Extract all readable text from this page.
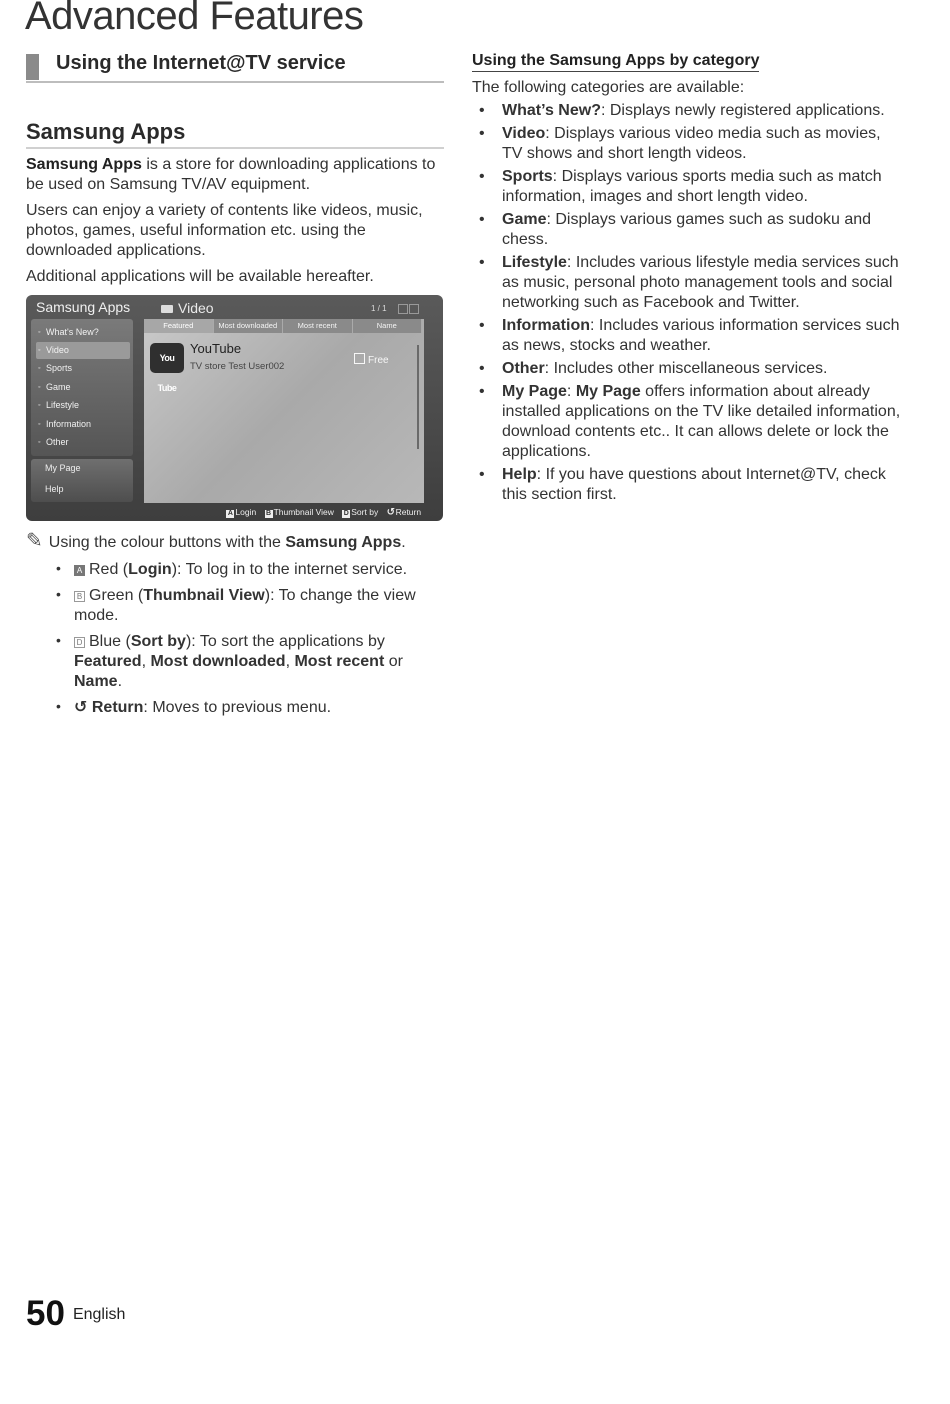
Advanced Features
Using the Internet@TV service
Samsung Apps

Samsung Apps is a store for downloading applications to be used on Samsung TV/AV equipment.

Users can enjoy a variety of contents like videos, music, photos, games, useful information etc. using the downloaded applications.

Additional applications will be available hereafter.

Samsung Apps	Video	1 / 1
◦ What's New?
◦ Video
◦ Sports
◦ Game
◦ Lifestyle
◦ Information
◦ Other
My Page
Help
Featured	Most downloaded	Most recent	Name
You Tube
YouTube
TV store Test User002
Free
A Login B Thumbnail View D Sort by ↺Return
✎ Using the colour buttons with the Samsung Apps.
• A Red (Login): To log in to the internet service.
• B Green (Thumbnail View): To change the view mode.
• D Blue (Sort by): To sort the applications by Featured, Most downloaded, Most recent or Name.
• ↺ Return: Moves to previous menu.
Using the Samsung Apps by category
The following categories are available:
• What’s New?: Displays newly registered applications.
• Video: Displays various video media such as movies, TV shows and short length videos.
• Sports: Displays various sports media such as match information, images and short length video.
• Game: Displays various games such as sudoku and chess.
• Lifestyle: Includes various lifestyle media services such as music, personal photo management tools and social networking such as Facebook and Twitter.
• Information: Includes various information services such as news, stocks and weather.
• Other: Includes other miscellaneous services.
• My Page: My Page offers information about already installed applications on the TV like detailed information, download contents etc.. It can allows delete or lock the applications.
• Help: If you have questions about Internet@TV, check this section first.
50 English
